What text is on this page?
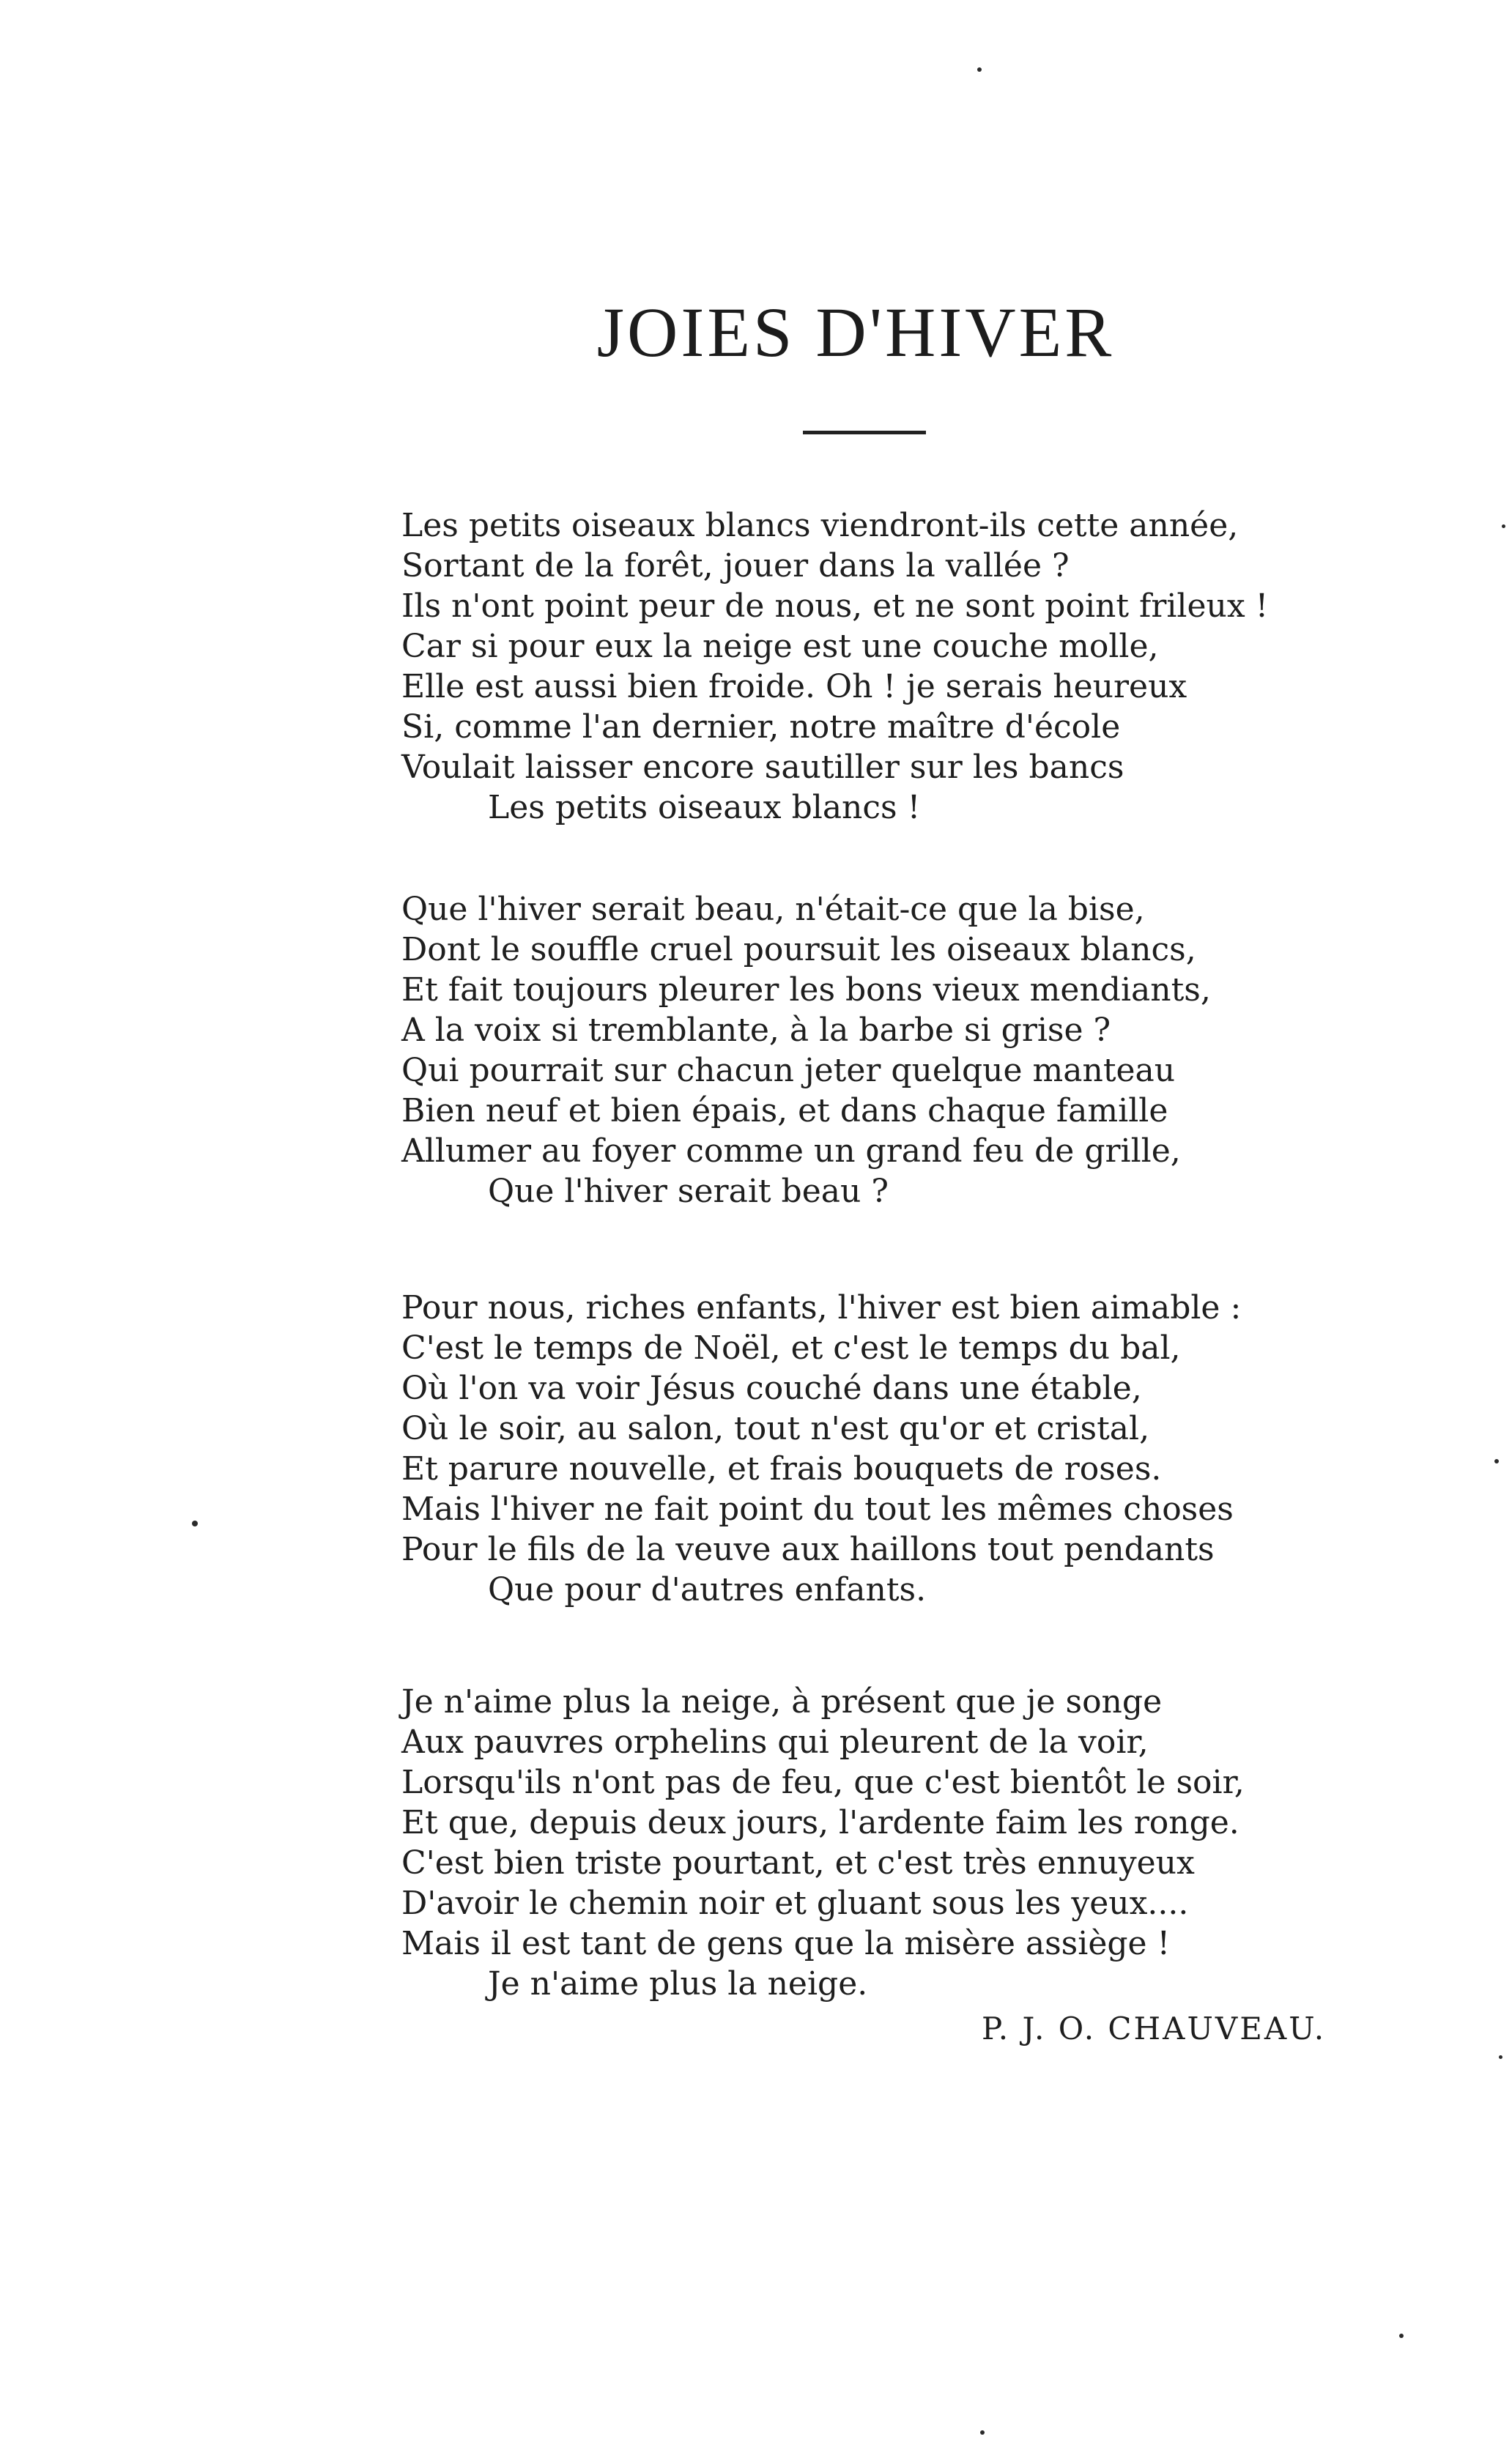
JOIES D'HIVER
Les petits oiseaux blancs viendront-ils cette année,
Sortant de la forêt, jouer dans la vallée ?
Ils n'ont point peur de nous, et ne sont point frileux !
Car si pour eux la neige est une couche molle,
Elle est aussi bien froide. Oh ! je serais heureux
Si, comme l'an dernier, notre maître d'école
Voulait laisser encore sautiller sur les bancs
Les petits oiseaux blancs !
Que l'hiver serait beau, n'était-ce que la bise,
Dont le souffle cruel poursuit les oiseaux blancs,
Et fait toujours pleurer les bons vieux mendiants,
A la voix si tremblante, à la barbe si grise ?
Qui pourrait sur chacun jeter quelque manteau
Bien neuf et bien épais, et dans chaque famille
Allumer au foyer comme un grand feu de grille,
Que l'hiver serait beau ?
Pour nous, riches enfants, l'hiver est bien aimable :
C'est le temps de Noël, et c'est le temps du bal,
Où l'on va voir Jésus couché dans une étable,
Où le soir, au salon, tout n'est qu'or et cristal,
Et parure nouvelle, et frais bouquets de roses.
Mais l'hiver ne fait point du tout les mêmes choses
Pour le fils de la veuve aux haillons tout pendants
Que pour d'autres enfants.
Je n'aime plus la neige, à présent que je songe
Aux pauvres orphelins qui pleurent de la voir,
Lorsqu'ils n'ont pas de feu, que c'est bientôt le soir,
Et que, depuis deux jours, l'ardente faim les ronge.
C'est bien triste pourtant, et c'est très ennuyeux
D'avoir le chemin noir et gluant sous les yeux....
Mais il est tant de gens que la misère assiège !
Je n'aime plus la neige.
P. J. O. CHAUVEAU.
